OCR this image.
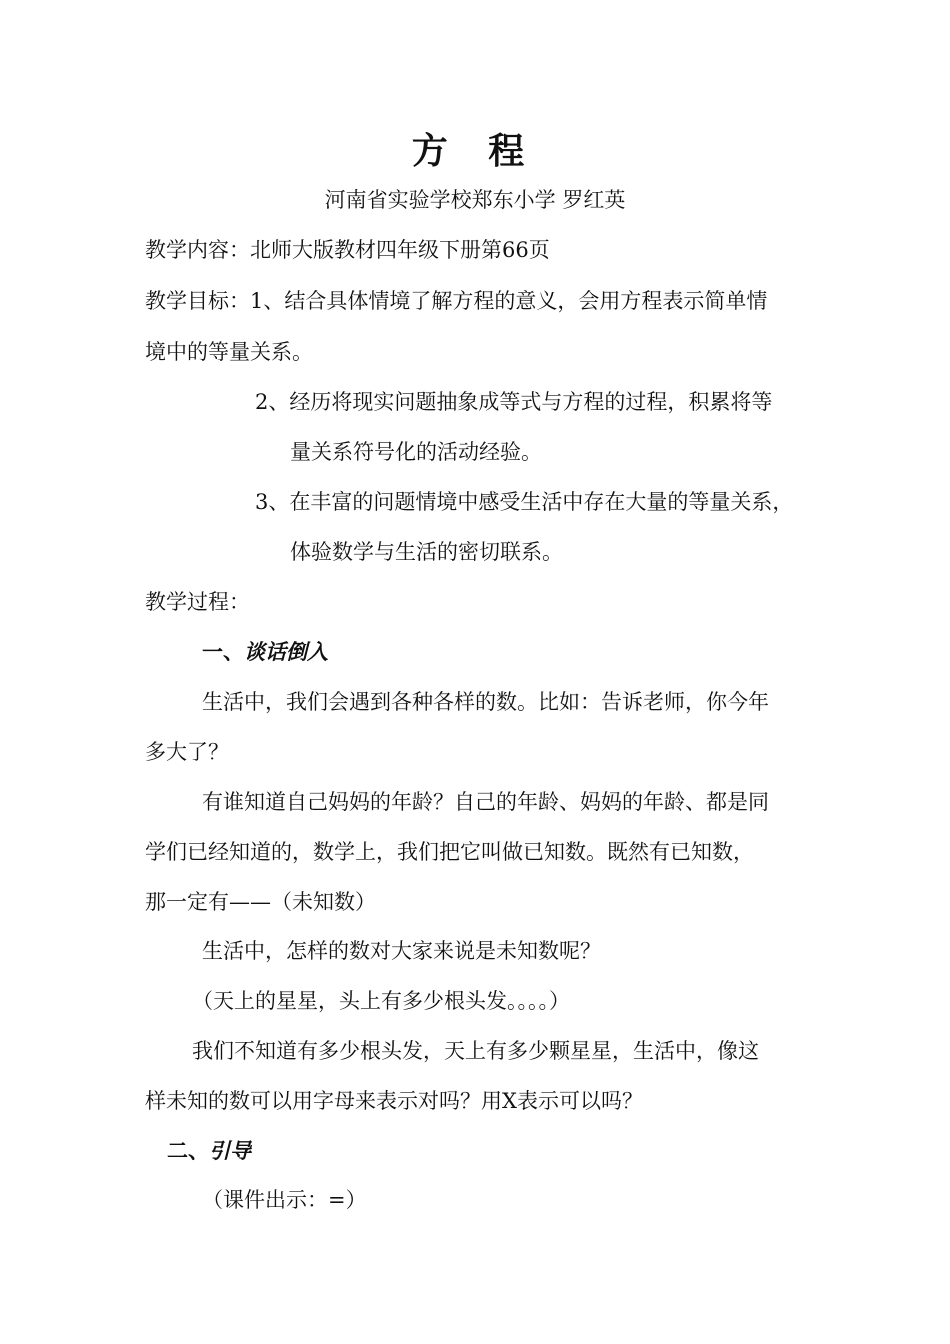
方 程
河南省实验学校郑东小学 罗红英
教学内容：北师大版教材四年级下册第66页
教学目标：1、结合具体情境了解方程的意义，会用方程表示简单情
境中的等量关系。
2、经历将现实问题抽象成等式与方程的过程，积累将等
量关系符号化的活动经验。
3、在丰富的问题情境中感受生活中存在大量的等量关系，
体验数学与生活的密切联系。
教学过程：
一、谈话倒入
生活中，我们会遇到各种各样的数。比如：告诉老师，你今年
多大了？
有谁知道自己妈妈的年龄？自己的年龄、妈妈的年龄、都是同
学们已经知道的，数学上，我们把它叫做已知数。既然有已知数，
那一定有——（未知数）
生活中，怎样的数对大家来说是未知数呢？
（天上的星星，头上有多少根头发。。。。）
我们不知道有多少根头发，天上有多少颗星星，生活中，像这
样未知的数可以用字母来表示对吗？用X表示可以吗？
二、引导
（课件出示：=）
